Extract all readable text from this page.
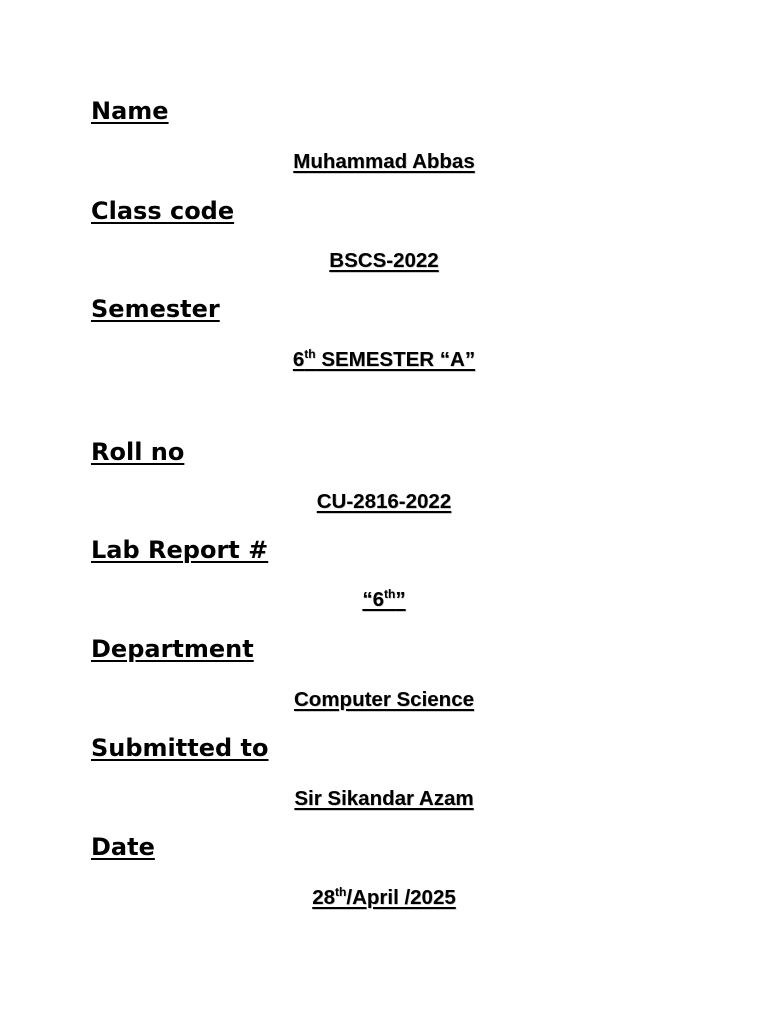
Name

Muhammad Abbas

Class code

BSCS-2022

Semester

6th SEMESTER “A”

Roll no

CU-2816-2022

Lab Report #

“6th”

Department

Computer Science

Submitted to

Sir Sikandar Azam

Date

28th/April /2025
